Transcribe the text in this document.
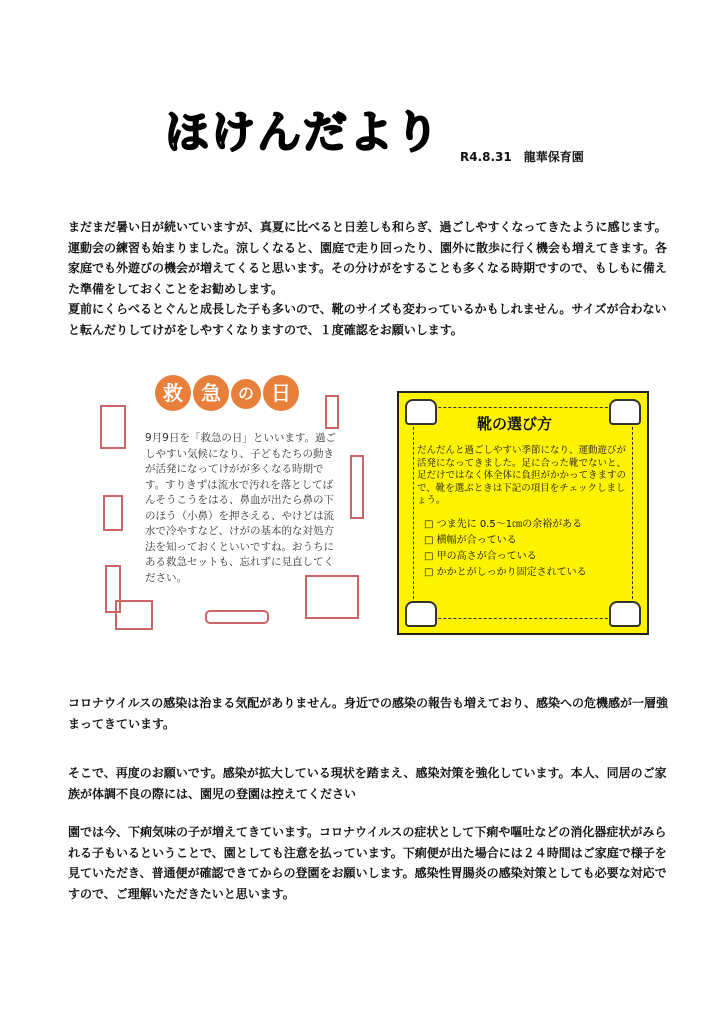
ほけんだより R4.8.31 龍華保育園
まだまだ暑い日が続いていますが、真夏に比べると日差しも和らぎ、過ごしやすくなってきたように感じます。運動会の練習も始まりました。涼しくなると、園庭で走り回ったり、園外に散歩に行く機会も増えてきます。各家庭でも外遊びの機会が増えてくると思います。その分けがをすることも多くなる時期ですので、もしもに備えた準備をしておくことをお勧めします。
夏前にくらべるとぐんと成長した子も多いので、靴のサイズも変わっているかもしれません。サイズが合わないと転んだりしてけがをしやすくなりますので、１度確認をお願いします。
救 急	の 日
9月9日を「救急の日」といいます。過ごしやすい気候になり、子どもたちの動きが活発になってけがが多くなる時期です。すりきずは流水で汚れを落としてばんそうこうをはる、鼻血が出たら鼻の下のほう（小鼻）を押さえる、やけどは流水で冷やすなど、けがの基本的な対処方法を知っておくといいですね。おうちにある救急セットも、忘れずに見直してください。
靴の選び方
だんだんと過ごしやすい季節になり、運動遊びが活発になってきました。足に合った靴でないと、足だけではなく体全体に負担がかかってきますので、靴を選ぶときは下記の項目をチェックしましょう。
□ つま先に 0.5～1㎝の余裕がある
□ 横幅が合っている
□ 甲の高さが合っている
□ かかとがしっかり固定されている
コロナウイルスの感染は治まる気配がありません。身近での感染の報告も増えており、感染への危機感が一層強まってきています。
そこで、再度のお願いです。感染が拡大している現状を踏まえ、感染対策を強化しています。本人、同居のご家族が体調不良の際には、園児の登園は控えてください
園では今、下痢気味の子が増えてきています。コロナウイルスの症状として下痢や嘔吐などの消化器症状がみられる子もいるということで、園としても注意を払っています。下痢便が出た場合には２４時間はご家庭で様子を見ていただき、普通便が確認できてからの登園をお願いします。感染性胃腸炎の感染対策としても必要な対応ですので、ご理解いただきたいと思います。
